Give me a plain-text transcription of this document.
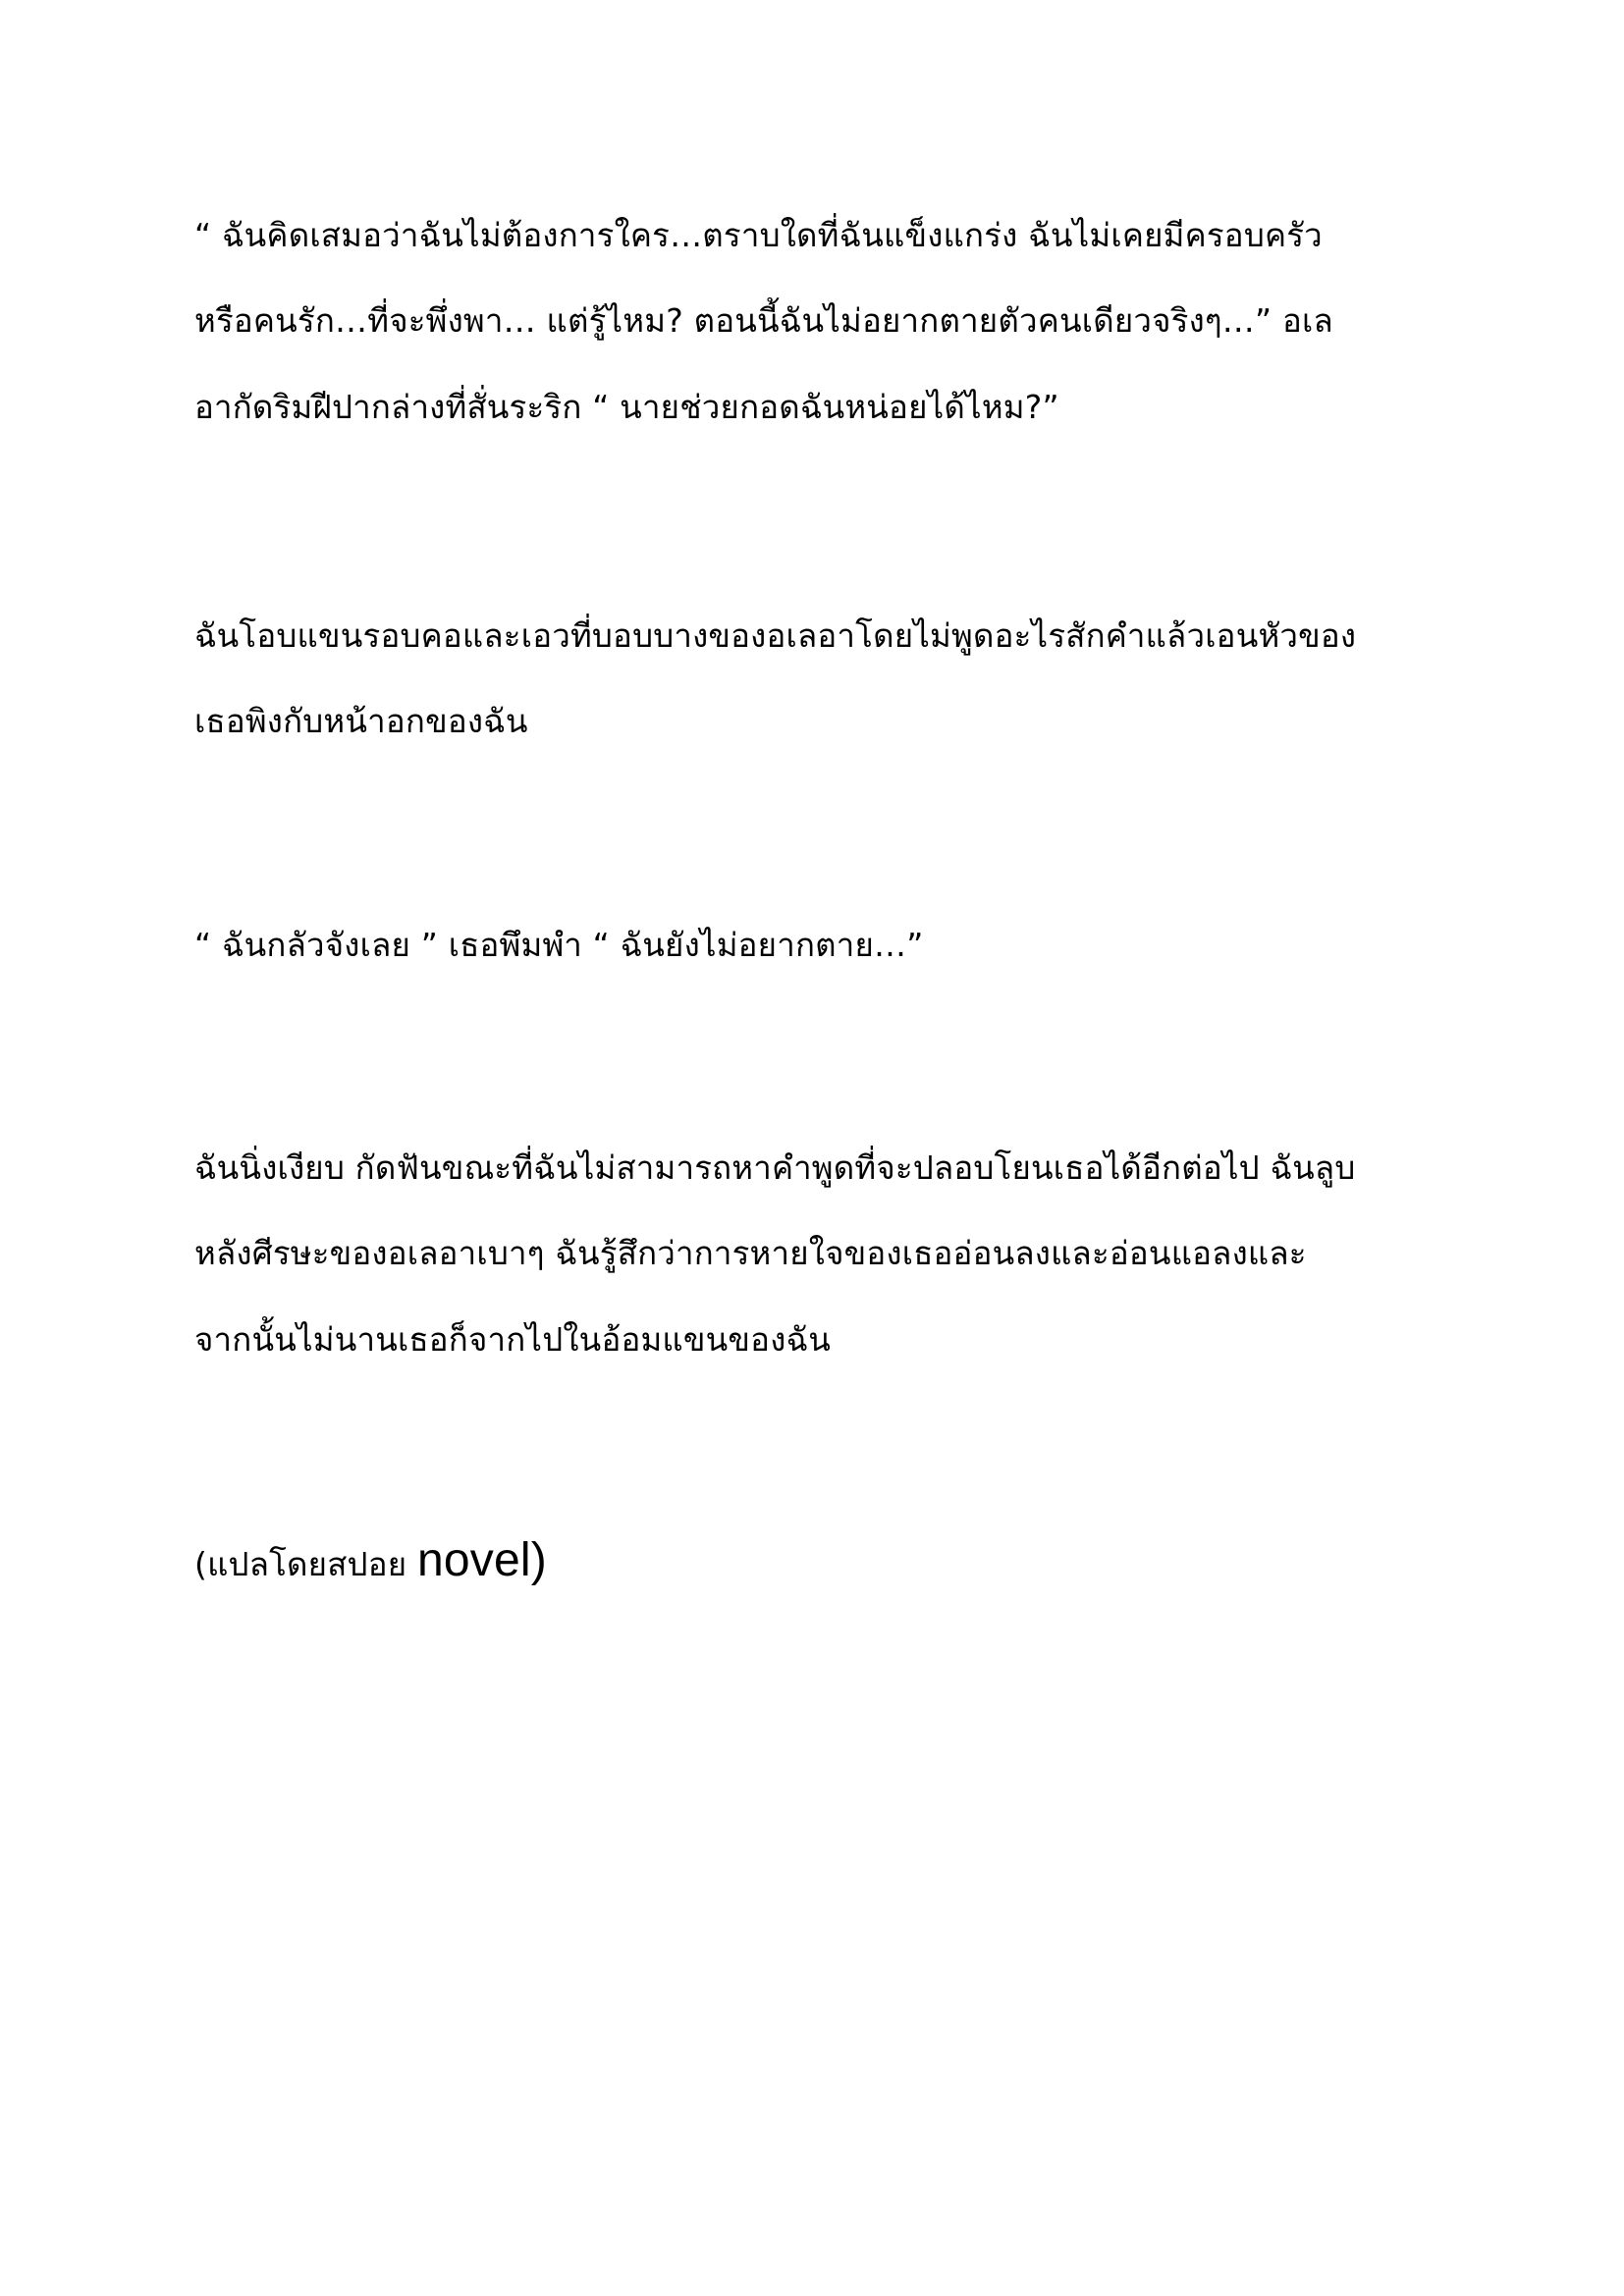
“ ฉันคิดเสมอว่าฉันไม่ต้องการใคร…ตราบใดที่ฉันแข็งแกร่ง ฉันไม่เคยมีครอบครัว
หรือคนรัก…ที่จะพึ่งพา… แต่รู้ไหม? ตอนนี้ฉันไม่อยากตายตัวคนเดียวจริงๆ…” อเล
อากัดริมฝีปากล่างที่สั่นระริก “ นายช่วยกอดฉันหน่อยได้ไหม?”
ฉันโอบแขนรอบคอและเอวที่บอบบางของอเลอาโดยไม่พูดอะไรสักคำแล้วเอนหัวของ
เธอพิงกับหน้าอกของฉัน
“ ฉันกลัวจังเลย ” เธอพึมพำ “ ฉันยังไม่อยากตาย…”
ฉันนิ่งเงียบ กัดฟันขณะที่ฉันไม่สามารถหาคำพูดที่จะปลอบโยนเธอได้อีกต่อไป ฉันลูบ
หลังศีรษะของอเลอาเบาๆ ฉันรู้สึกว่าการหายใจของเธออ่อนลงและอ่อนแอลงและ
จากนั้นไม่นานเธอก็จากไปในอ้อมแขนของฉัน
(แปลโดยสปอย novel)
